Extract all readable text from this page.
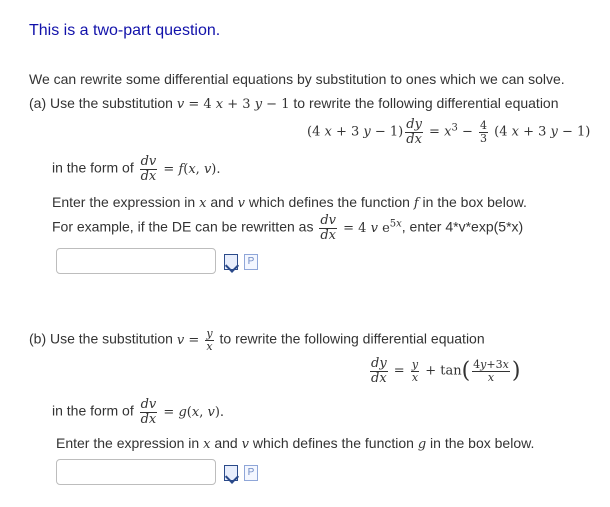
This is a two-part question.
We can rewrite some differential equations by substitution to ones which we can solve.
(a) Use the substitution v = 4 x + 3 y − 1 to rewrite the following differential equation
(4 x + 3 $y - 1) \frac{dy}{dx} = x^3 - \frac{4}{3} (4$ x + 3 y − 1)
in the form of $\frac{dv}{dx} = f(x$, v).
Enter the expression in x and v which defines the function f in the box below.
For example, if the DE can be rewritten as $\frac{dv}{dx} = 4$ v $e^{5x}$, enter 4*v*exp(5*x)
P
(b) Use the substitution $v = \frac{y}{x}$ to rewrite the following differential equation
$\frac{dy}{dx} = \frac{y}{x} + \tan( \frac{4y+3x}{x}$ )
in the form of $\frac{dv}{dx} = g(x$, v).
Enter the expression in x and v which defines the function g in the box below.
P
